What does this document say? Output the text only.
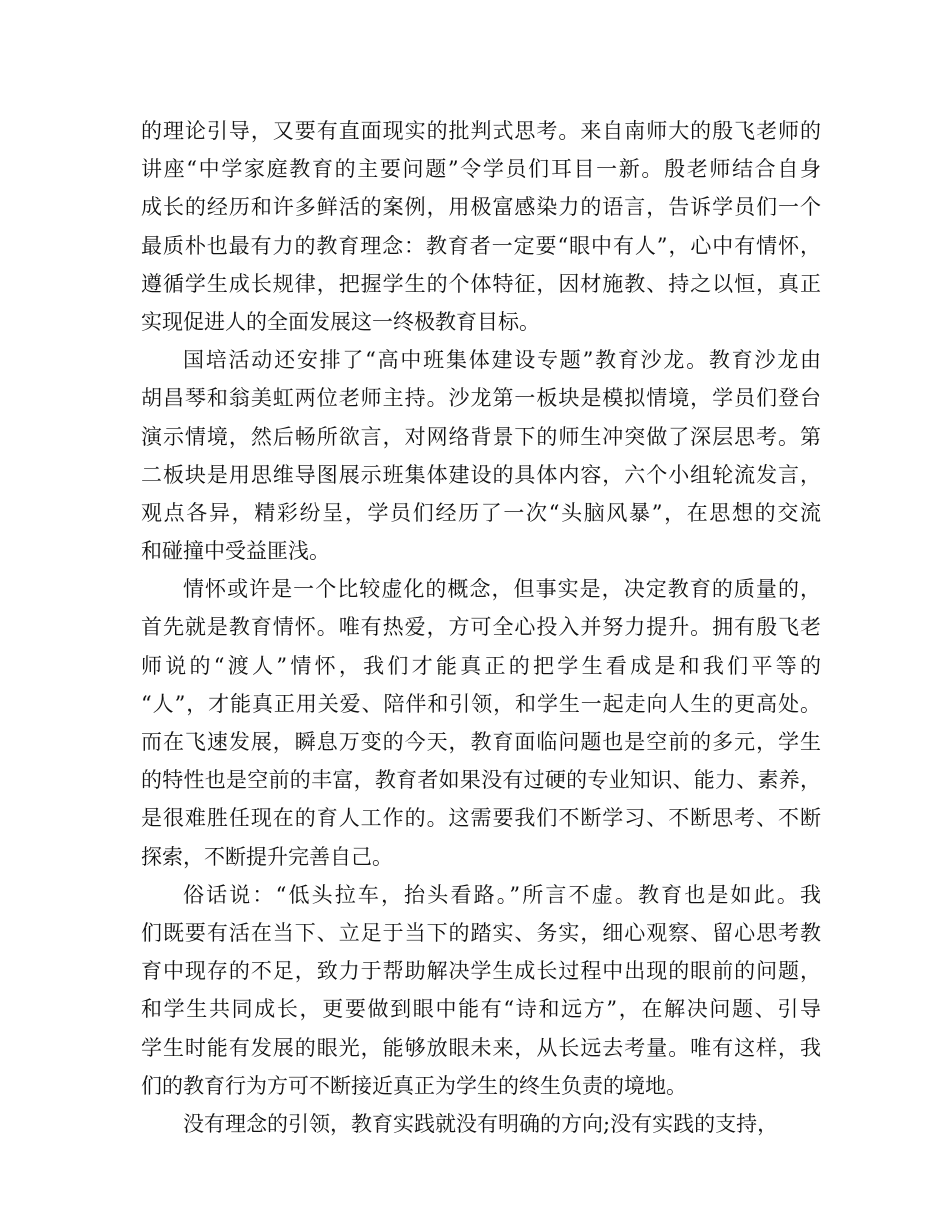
的理论引导，又要有直面现实的批判式思考。来自南师大的殷飞老师的
讲座“中学家庭教育的主要问题”令学员们耳目一新。殷老师结合自身
成长的经历和许多鲜活的案例，用极富感染力的语言，告诉学员们一个
最质朴也最有力的教育理念：教育者一定要“眼中有人”，心中有情怀，
遵循学生成长规律，把握学生的个体特征，因材施教、持之以恒，真正
实现促进人的全面发展这一终极教育目标。
国培活动还安排了“高中班集体建设专题”教育沙龙。教育沙龙由
胡昌琴和翁美虹两位老师主持。沙龙第一板块是模拟情境，学员们登台
演示情境，然后畅所欲言，对网络背景下的师生冲突做了深层思考。第
二板块是用思维导图展示班集体建设的具体内容，六个小组轮流发言，
观点各异，精彩纷呈，学员们经历了一次“头脑风暴”，在思想的交流
和碰撞中受益匪浅。
情怀或许是一个比较虚化的概念，但事实是，决定教育的质量的，
首先就是教育情怀。唯有热爱，方可全心投入并努力提升。拥有殷飞老
师说的“渡人”情怀，我们才能真正的把学生看成是和我们平等的
“人”，才能真正用关爱、陪伴和引领，和学生一起走向人生的更高处。
而在飞速发展，瞬息万变的今天，教育面临问题也是空前的多元，学生
的特性也是空前的丰富，教育者如果没有过硬的专业知识、能力、素养，
是很难胜任现在的育人工作的。这需要我们不断学习、不断思考、不断
探索，不断提升完善自己。
俗话说：“低头拉车，抬头看路。”所言不虚。教育也是如此。我
们既要有活在当下、立足于当下的踏实、务实，细心观察、留心思考教
育中现存的不足，致力于帮助解决学生成长过程中出现的眼前的问题，
和学生共同成长，更要做到眼中能有“诗和远方”，在解决问题、引导
学生时能有发展的眼光，能够放眼未来，从长远去考量。唯有这样，我
们的教育行为方可不断接近真正为学生的终生负责的境地。
没有理念的引领，教育实践就没有明确的方向;没有实践的支持，
